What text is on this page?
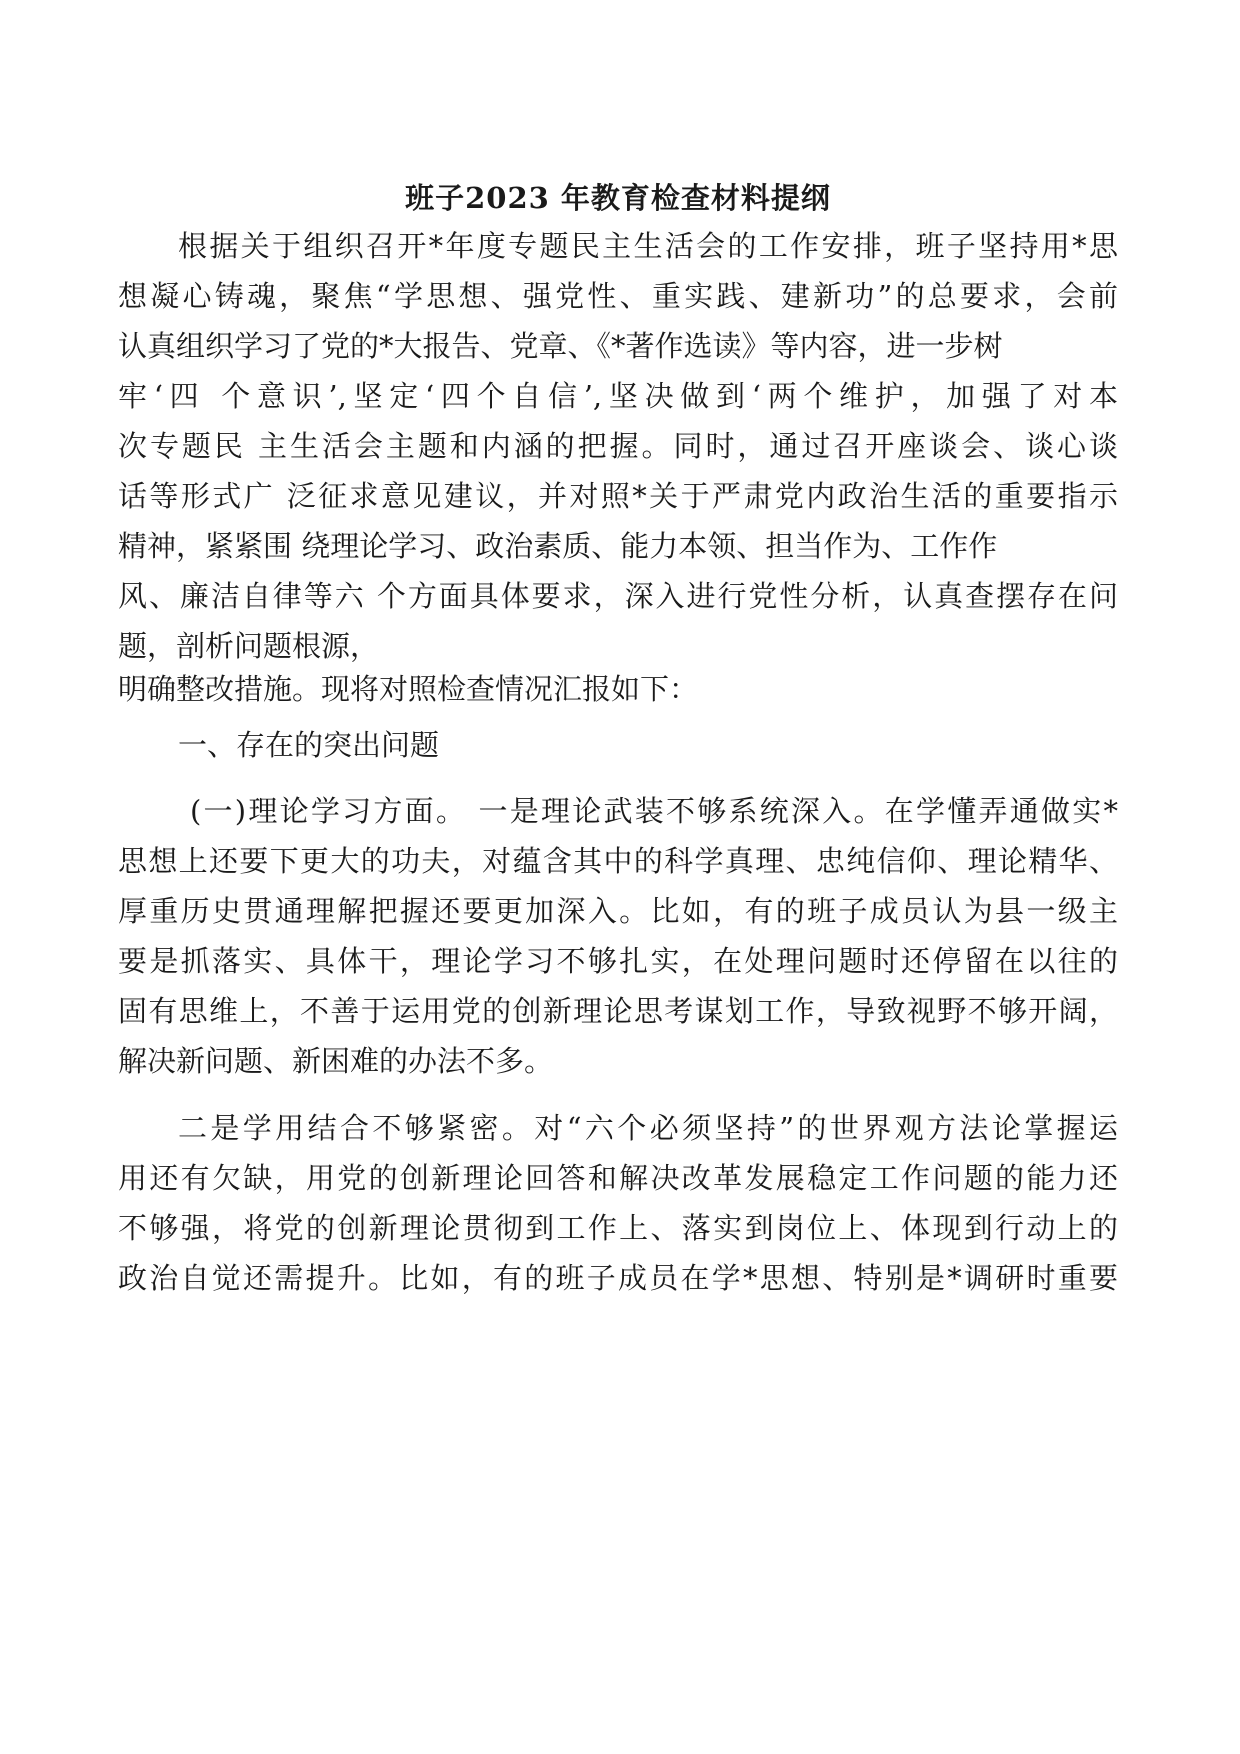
班子2023 年教育检查材料提纲

根据关于组织召开*年度专题民主生活会的工作安排，班子坚持用*思

想凝心铸魂，聚焦“学思想、强党性、重实践、建新功”的总要求，会前

认真组织学习了党的*大报告、党章、《*著作选读》等内容，进一步树

牢‘四 个意识’,坚定‘四个自信’,坚决做到‘两个维护，加强了对本

次专题民 主生活会主题和内涵的把握。同时，通过召开座谈会、谈心谈

话等形式广 泛征求意见建议，并对照*关于严肃党内政治生活的重要指示

精神，紧紧围 绕理论学习、政治素质、能力本领、担当作为、工作作

风、廉洁自律等六 个方面具体要求，深入进行党性分析，认真查摆存在问

题，剖析问题根源，

明确整改措施。现将对照检查情况汇报如下：

一、存在的突出问题

(一)理论学习方面。 一是理论武装不够系统深入。在学懂弄通做实*

思想上还要下更大的功夫，对蕴含其中的科学真理、忠纯信仰、理论精华、

厚重历史贯通理解把握还要更加深入。比如，有的班子成员认为县一级主

要是抓落实、具体干，理论学习不够扎实，在处理问题时还停留在以往的

固有思维上，不善于运用党的创新理论思考谋划工作，导致视野不够开阔，

解决新问题、新困难的办法不多。

二是学用结合不够紧密。对“六个必须坚持”的世界观方法论掌握运

用还有欠缺，用党的创新理论回答和解决改革发展稳定工作问题的能力还

不够强，将党的创新理论贯彻到工作上、落实到岗位上、体现到行动上的

政治自觉还需提升。比如，有的班子成员在学*思想、特别是*调研时重要
